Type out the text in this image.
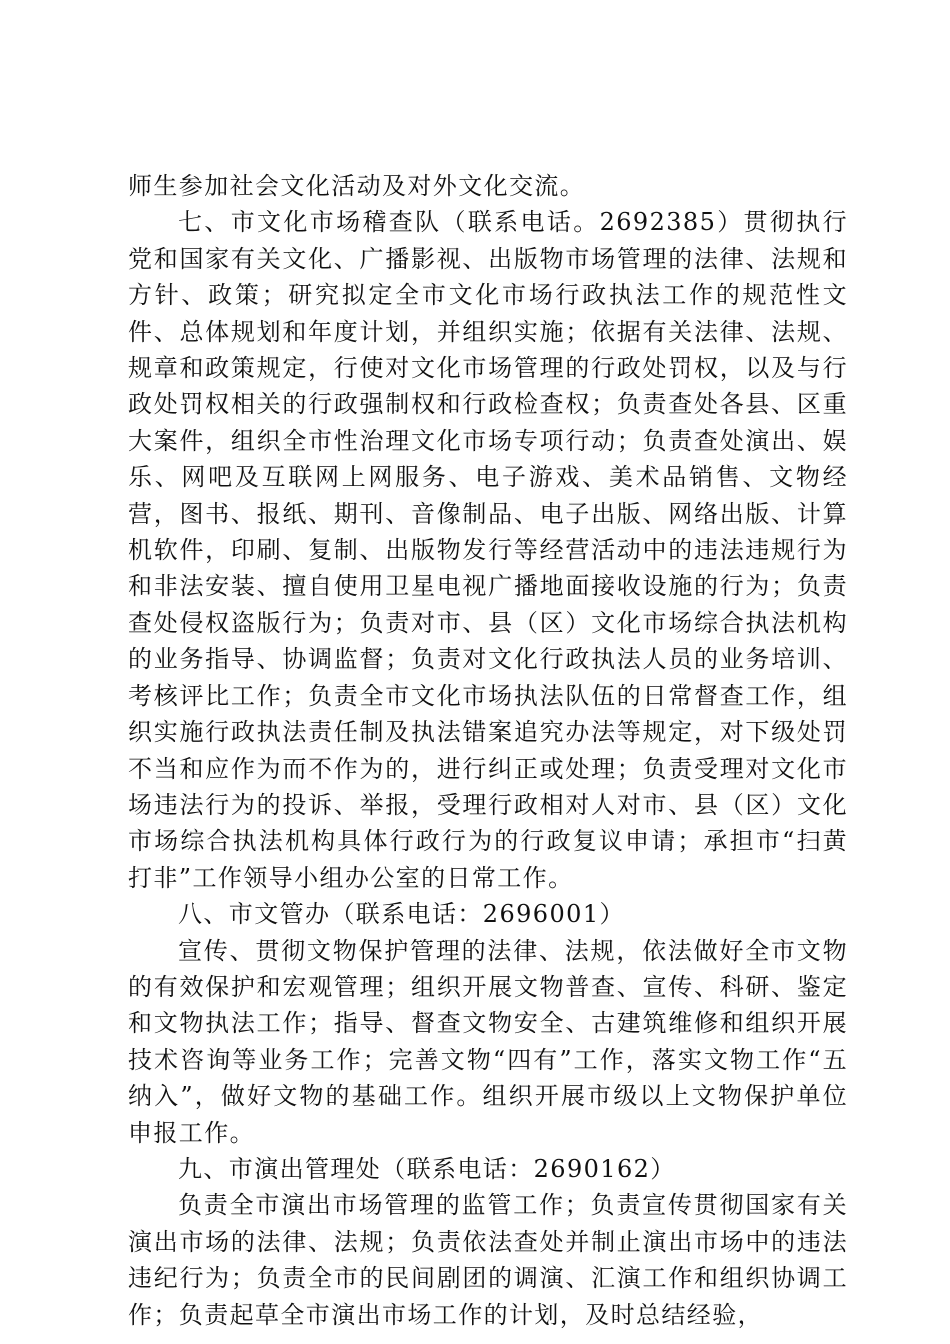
师生参加社会文化活动及对外文化交流。

七、市文化市场稽查队（联系电话。2692385）贯彻执行党和国家有关文化、广播影视、出版物市场管理的法律、法规和方针、政策；研究拟定全市文化市场行政执法工作的规范性文件、总体规划和年度计划，并组织实施；依据有关法律、法规、规章和政策规定，行使对文化市场管理的行政处罚权，以及与行政处罚权相关的行政强制权和行政检查权；负责查处各县、区重大案件，组织全市性治理文化市场专项行动；负责查处演出、娱乐、网吧及互联网上网服务、电子游戏、美术品销售、文物经营，图书、报纸、期刊、音像制品、电子出版、网络出版、计算机软件，印刷、复制、出版物发行等经营活动中的违法违规行为和非法安装、擅自使用卫星电视广播地面接收设施的行为；负责查处侵权盗版行为；负责对市、县（区）文化市场综合执法机构的业务指导、协调监督；负责对文化行政执法人员的业务培训、考核评比工作；负责全市文化市场执法队伍的日常督查工作，组织实施行政执法责任制及执法错案追究办法等规定，对下级处罚不当和应作为而不作为的，进行纠正或处理；负责受理对文化市场违法行为的投诉、举报，受理行政相对人对市、县（区）文化市场综合执法机构具体行政行为的行政复议申请；承担市“扫黄打非”工作领导小组办公室的日常工作。

八、市文管办（联系电话：2696001）

宣传、贯彻文物保护管理的法律、法规，依法做好全市文物的有效保护和宏观管理；组织开展文物普查、宣传、科研、鉴定和文物执法工作；指导、督查文物安全、古建筑维修和组织开展技术咨询等业务工作；完善文物“四有”工作，落实文物工作“五纳入”，做好文物的基础工作。组织开展市级以上文物保护单位申报工作。

九、市演出管理处（联系电话：2690162）

负责全市演出市场管理的监管工作；负责宣传贯彻国家有关演出市场的法律、法规；负责依法查处并制止演出市场中的违法违纪行为；负责全市的民间剧团的调演、汇演工作和组织协调工作；负责起草全市演出市场工作的计划，及时总结经验，
